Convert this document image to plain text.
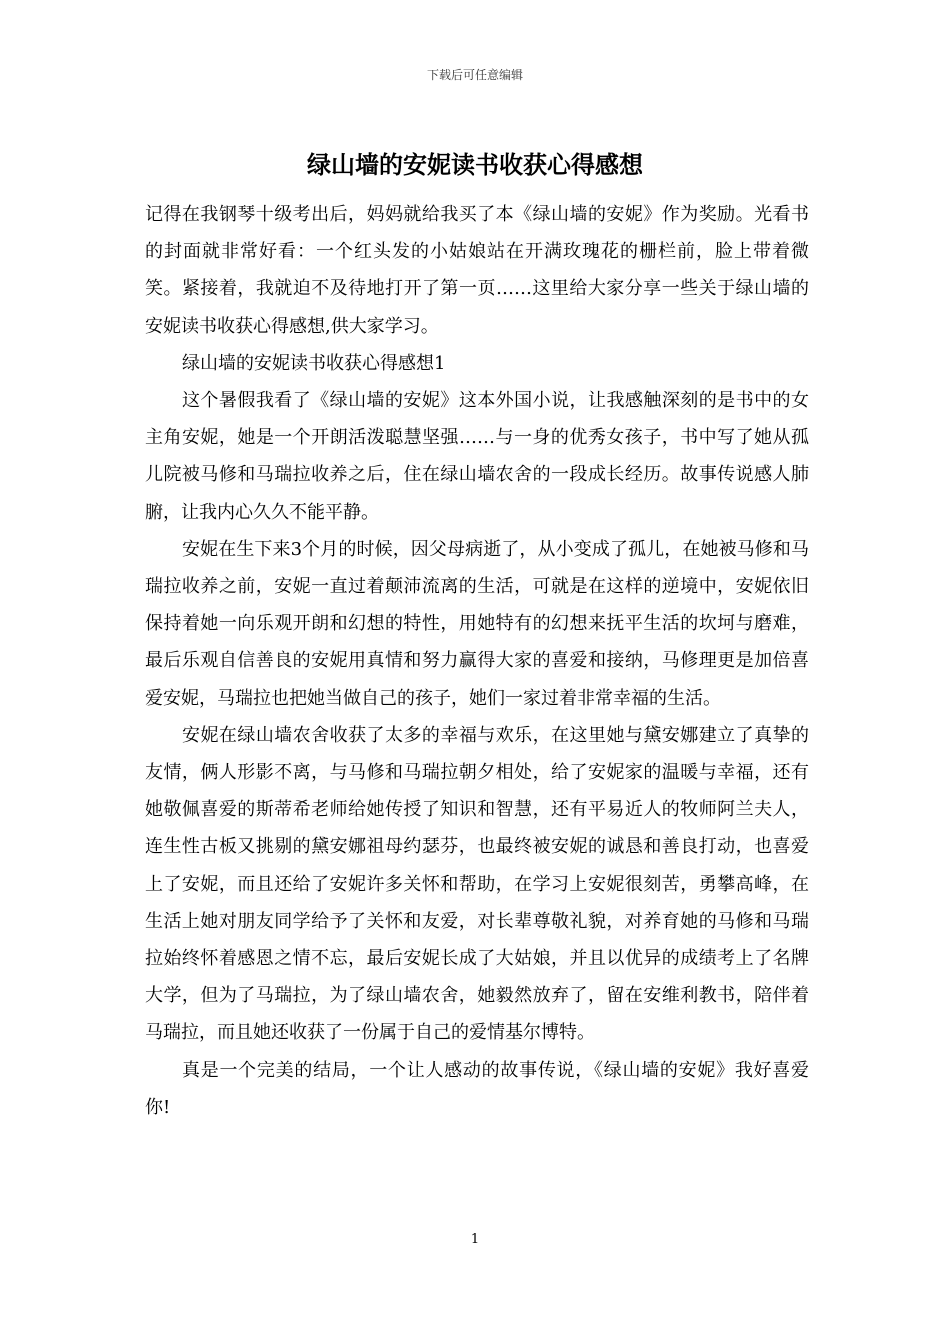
下载后可任意编辑
绿山墙的安妮读书收获心得感想

记得在我钢琴十级考出后，妈妈就给我买了本《绿山墙的安妮》作为奖励。光看书的封面就非常好看：一个红头发的小姑娘站在开满玫瑰花的栅栏前，脸上带着微笑。紧接着，我就迫不及待地打开了第一页……这里给大家分享一些关于绿山墙的安妮读书收获心得感想,供大家学习。

绿山墙的安妮读书收获心得感想1

这个暑假我看了《绿山墙的安妮》这本外国小说，让我感触深刻的是书中的女主角安妮，她是一个开朗活泼聪慧坚强……与一身的优秀女孩子，书中写了她从孤儿院被马修和马瑞拉收养之后，住在绿山墙农舍的一段成长经历。故事传说感人肺腑，让我内心久久不能平静。

安妮在生下来3个月的时候，因父母病逝了，从小变成了孤儿，在她被马修和马瑞拉收养之前，安妮一直过着颠沛流离的生活，可就是在这样的逆境中，安妮依旧保持着她一向乐观开朗和幻想的特性，用她特有的幻想来抚平生活的坎坷与磨难，最后乐观自信善良的安妮用真情和努力赢得大家的喜爱和接纳，马修理更是加倍喜爱安妮，马瑞拉也把她当做自己的孩子，她们一家过着非常幸福的生活。

安妮在绿山墙农舍收获了太多的幸福与欢乐，在这里她与黛安娜建立了真挚的友情，俩人形影不离，与马修和马瑞拉朝夕相处，给了安妮家的温暖与幸福，还有她敬佩喜爱的斯蒂希老师给她传授了知识和智慧，还有平易近人的牧师阿兰夫人，连生性古板又挑剔的黛安娜祖母约瑟芬，也最终被安妮的诚恳和善良打动，也喜爱上了安妮，而且还给了安妮许多关怀和帮助，在学习上安妮很刻苦，勇攀高峰，在生活上她对朋友同学给予了关怀和友爱，对长辈尊敬礼貌，对养育她的马修和马瑞拉始终怀着感恩之情不忘，最后安妮长成了大姑娘，并且以优异的成绩考上了名牌大学，但为了马瑞拉，为了绿山墙农舍，她毅然放弃了，留在安维利教书，陪伴着马瑞拉，而且她还收获了一份属于自己的爱情基尔博特。

真是一个完美的结局，一个让人感动的故事传说，《绿山墙的安妮》我好喜爱你!

1
